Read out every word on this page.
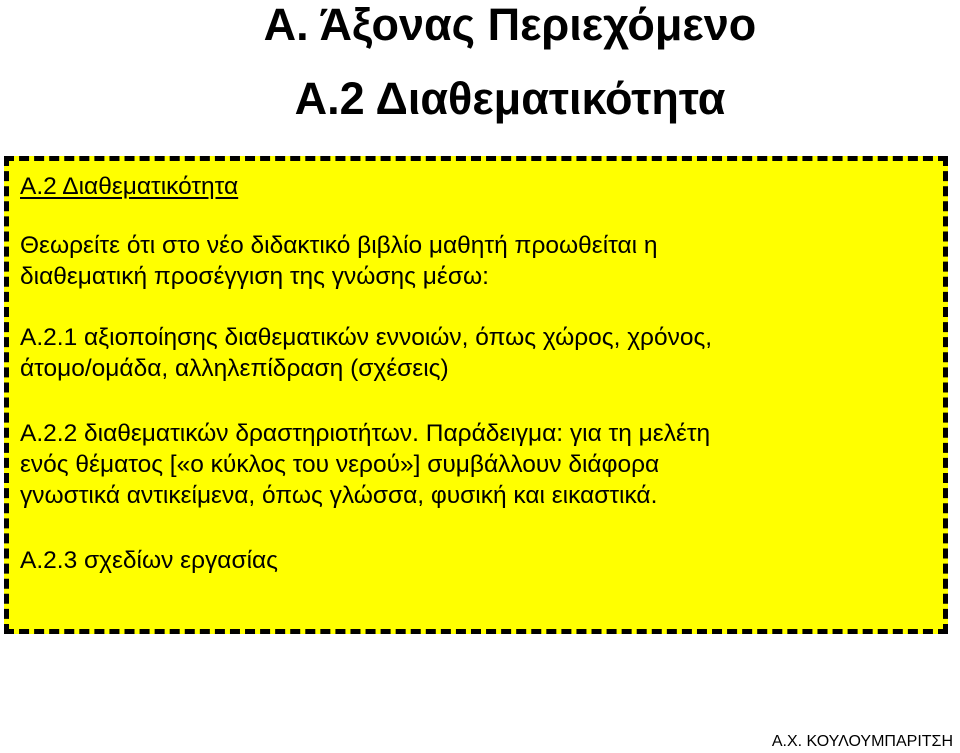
Α. Άξονας Περιεχόμενο
Α.2 Διαθεματικότητα

Α.2 Διαθεματικότητα

Θεωρείτε ότι στο νέο διδακτικό βιβλίο μαθητή προωθείται η
διαθεματική προσέγγιση της γνώσης μέσω:

Α.2.1 αξιοποίησης διαθεματικών εννοιών, όπως χώρος, χρόνος,
άτομο/ομάδα, αλληλεπίδραση (σχέσεις)

Α.2.2 διαθεματικών δραστηριοτήτων. Παράδειγμα: για τη μελέτη
ενός θέματος [«ο κύκλος του νερού»] συμβάλλουν διάφορα
γνωστικά αντικείμενα, όπως γλώσσα, φυσική και εικαστικά.

Α.2.3 σχεδίων εργασίας

Α.Χ. ΚΟΥΛΟΥΜΠΑΡΙΤΣΗ
